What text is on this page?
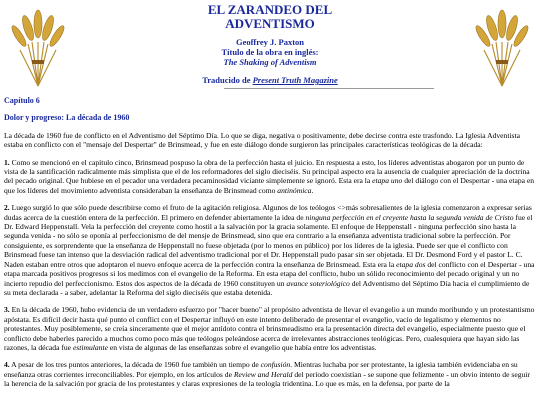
EL ZARANDEO DEL
ADVENTISMO
Geoffrey J. Paxton
Título de la obra en inglés:
The Shaking of Adventism
Traducido de Present Truth Magazine
Capítulo 6
Dolor y progreso: La década de 1960

La década de 1960 fue de conflicto en el Adventismo del Séptimo Día. Lo que se diga, negativa o positivamente, debe decirse contra este trasfondo. La Iglesia Adventista estaba en conflicto con el "mensaje del Despertar" de Brinsmead, y fue en este diálogo donde surgieron las principales características teológicas de la década:

1. Como se mencionó en el capítulo cinco, Brinsmead pospuso la obra de la perfección hasta el juicio. En respuesta a esto, los líderes adventistas abogaron por un punto de vista de la santificación radicalmente más simplista que el de los reformadores del siglo dieciséis. Su principal aspecto era la ausencia de cualquier apreciación de la doctrina del pecado original. Que hubiese en el pecador una verdadera pecaminosidad viciante simplemente se ignoró. Esta era la etapa uno del diálogo con el Despertar - una etapa en que los líderes del movimiento adventista consideraban la enseñanza de Brinsmead como antinómica.

2. Luego surgió lo que sólo puede describirse como el fruto de la agitación religiosa. Algunos de los teólogos <>más sobresalientes de la iglesia comenzaron a expresar serias dudas acerca de la cuestión entera de la perfección. El primero en defender abiertamente la idea de ninguna perfección en el creyente hasta la segunda venida de Cristo fue el Dr. Edward Heppenstall. Vela la perfección del creyente como hostil a la salvación por la gracia solamente. El enfoque de Heppenstall - ninguna perfección sino hasta la segunda venida - no sólo se oponía al perfeccionismo de del mensje de Brinsmead, sino que era contrario a la enseñanza adventista tradicional sobre la perfección. Por consiguiente, es sorprendente que la enseñanza de Heppenstall no fuese objetada (por lo menos en público) por los líderes de la iglesia. Puede ser que el conflicto con Brinsmead fuese tan intenso que la desviación radical del adventismo tradicional por el Dr. Heppenstall pudo pasar sin ser objetada. El Dr. Desmond Ford y el pastor L. C. Naden estaban entre otros que adoptaron el nuevo enfoque acerca de la perfección contra la enseñanza de Brinsmead. Esta era la etapa dos del conflicto con el Despertar - una etapa marcada positivos progresos si los medimos con el evangelio de la Reforma. En esta etapa del conflicto, hubo un sólido reconocimiento del pecado original y un no incierto repudio del perfeccionismo. Estos dos aspectos de la década de 1960 constituyen un avance soteriológico del Adventismo del Séptimo Día hacia el cumplimiento de su meta declarada - a saber, adelantar la Reforma del siglo dieciséis que estaba detenida.

3. En la década de 1960, hubo evidencia de un verdadero esfuerzo por "hacer bueno" al propósito adventista de llevar el evangelio a un mundo moribundo y un protestantismo apóstata. Es difícil decir hasta qué punto el conflict con el Despertar influyó en este intento deliberado de presentar el evangelio, vacío de legalismo y elementos no protestantes. Muy posiblemente, se creía sinceramente que el mejor antídoto contra el brinsmeadismo era la presentación directa del evangelio, especialmente puesto que el conflicto debe haberles parecido a muchos como poco más que teólogos peleándose acerca de irrelevantes abstracciones teológicas. Pero, cualesquiera que hayan sido las razones, la década fue estimulante en vista de algunas de las enseñanzas sobre el evangelio que había entre los adventistas.

4. A pesar de los tres puntos anteriores, la década de 1960 fue también un tiempo de confusión. Mientras luchaba por ser protestante, la iglesia también evidenciaba en su enseñanza otras corrientes irreconciliables. Por ejemplo, en los artículos de Review and Herald del período coexistían - se supone que felizmente - un obvio intento de seguir la herencia de la salvación por gracia de los protestantes y claras expresiones de la teología tridentina. Lo que es más, en la defensa, por parte de la
